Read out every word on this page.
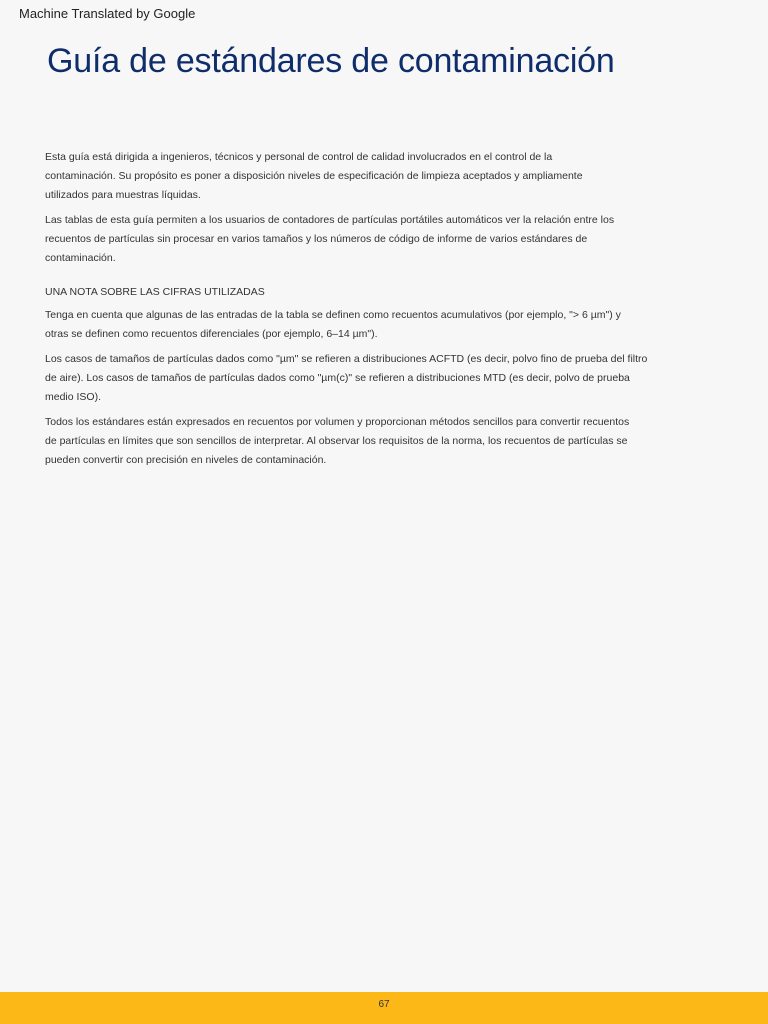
Machine Translated by Google
Guía de estándares de contaminación

Esta guía está dirigida a ingenieros, técnicos y personal de control de calidad involucrados en el control de la contaminación. Su propósito es poner a disposición niveles de especificación de limpieza aceptados y ampliamente utilizados para muestras líquidas.

Las tablas de esta guía permiten a los usuarios de contadores de partículas portátiles automáticos ver la relación entre los recuentos de partículas sin procesar en varios tamaños y los números de código de informe de varios estándares de contaminación.

UNA NOTA SOBRE LAS CIFRAS UTILIZADAS

Tenga en cuenta que algunas de las entradas de la tabla se definen como recuentos acumulativos (por ejemplo, "> 6 µm") y otras se definen como recuentos diferenciales (por ejemplo, 6–14 µm").

Los casos de tamaños de partículas dados como "µm" se refieren a distribuciones ACFTD (es decir, polvo fino de prueba del filtro de aire). Los casos de tamaños de partículas dados como "µm(c)" se refieren a distribuciones MTD (es decir, polvo de prueba medio ISO).

Todos los estándares están expresados en recuentos por volumen y proporcionan métodos sencillos para convertir recuentos de partículas en límites que son sencillos de interpretar. Al observar los requisitos de la norma, los recuentos de partículas se pueden convertir con precisión en niveles de contaminación.

67
